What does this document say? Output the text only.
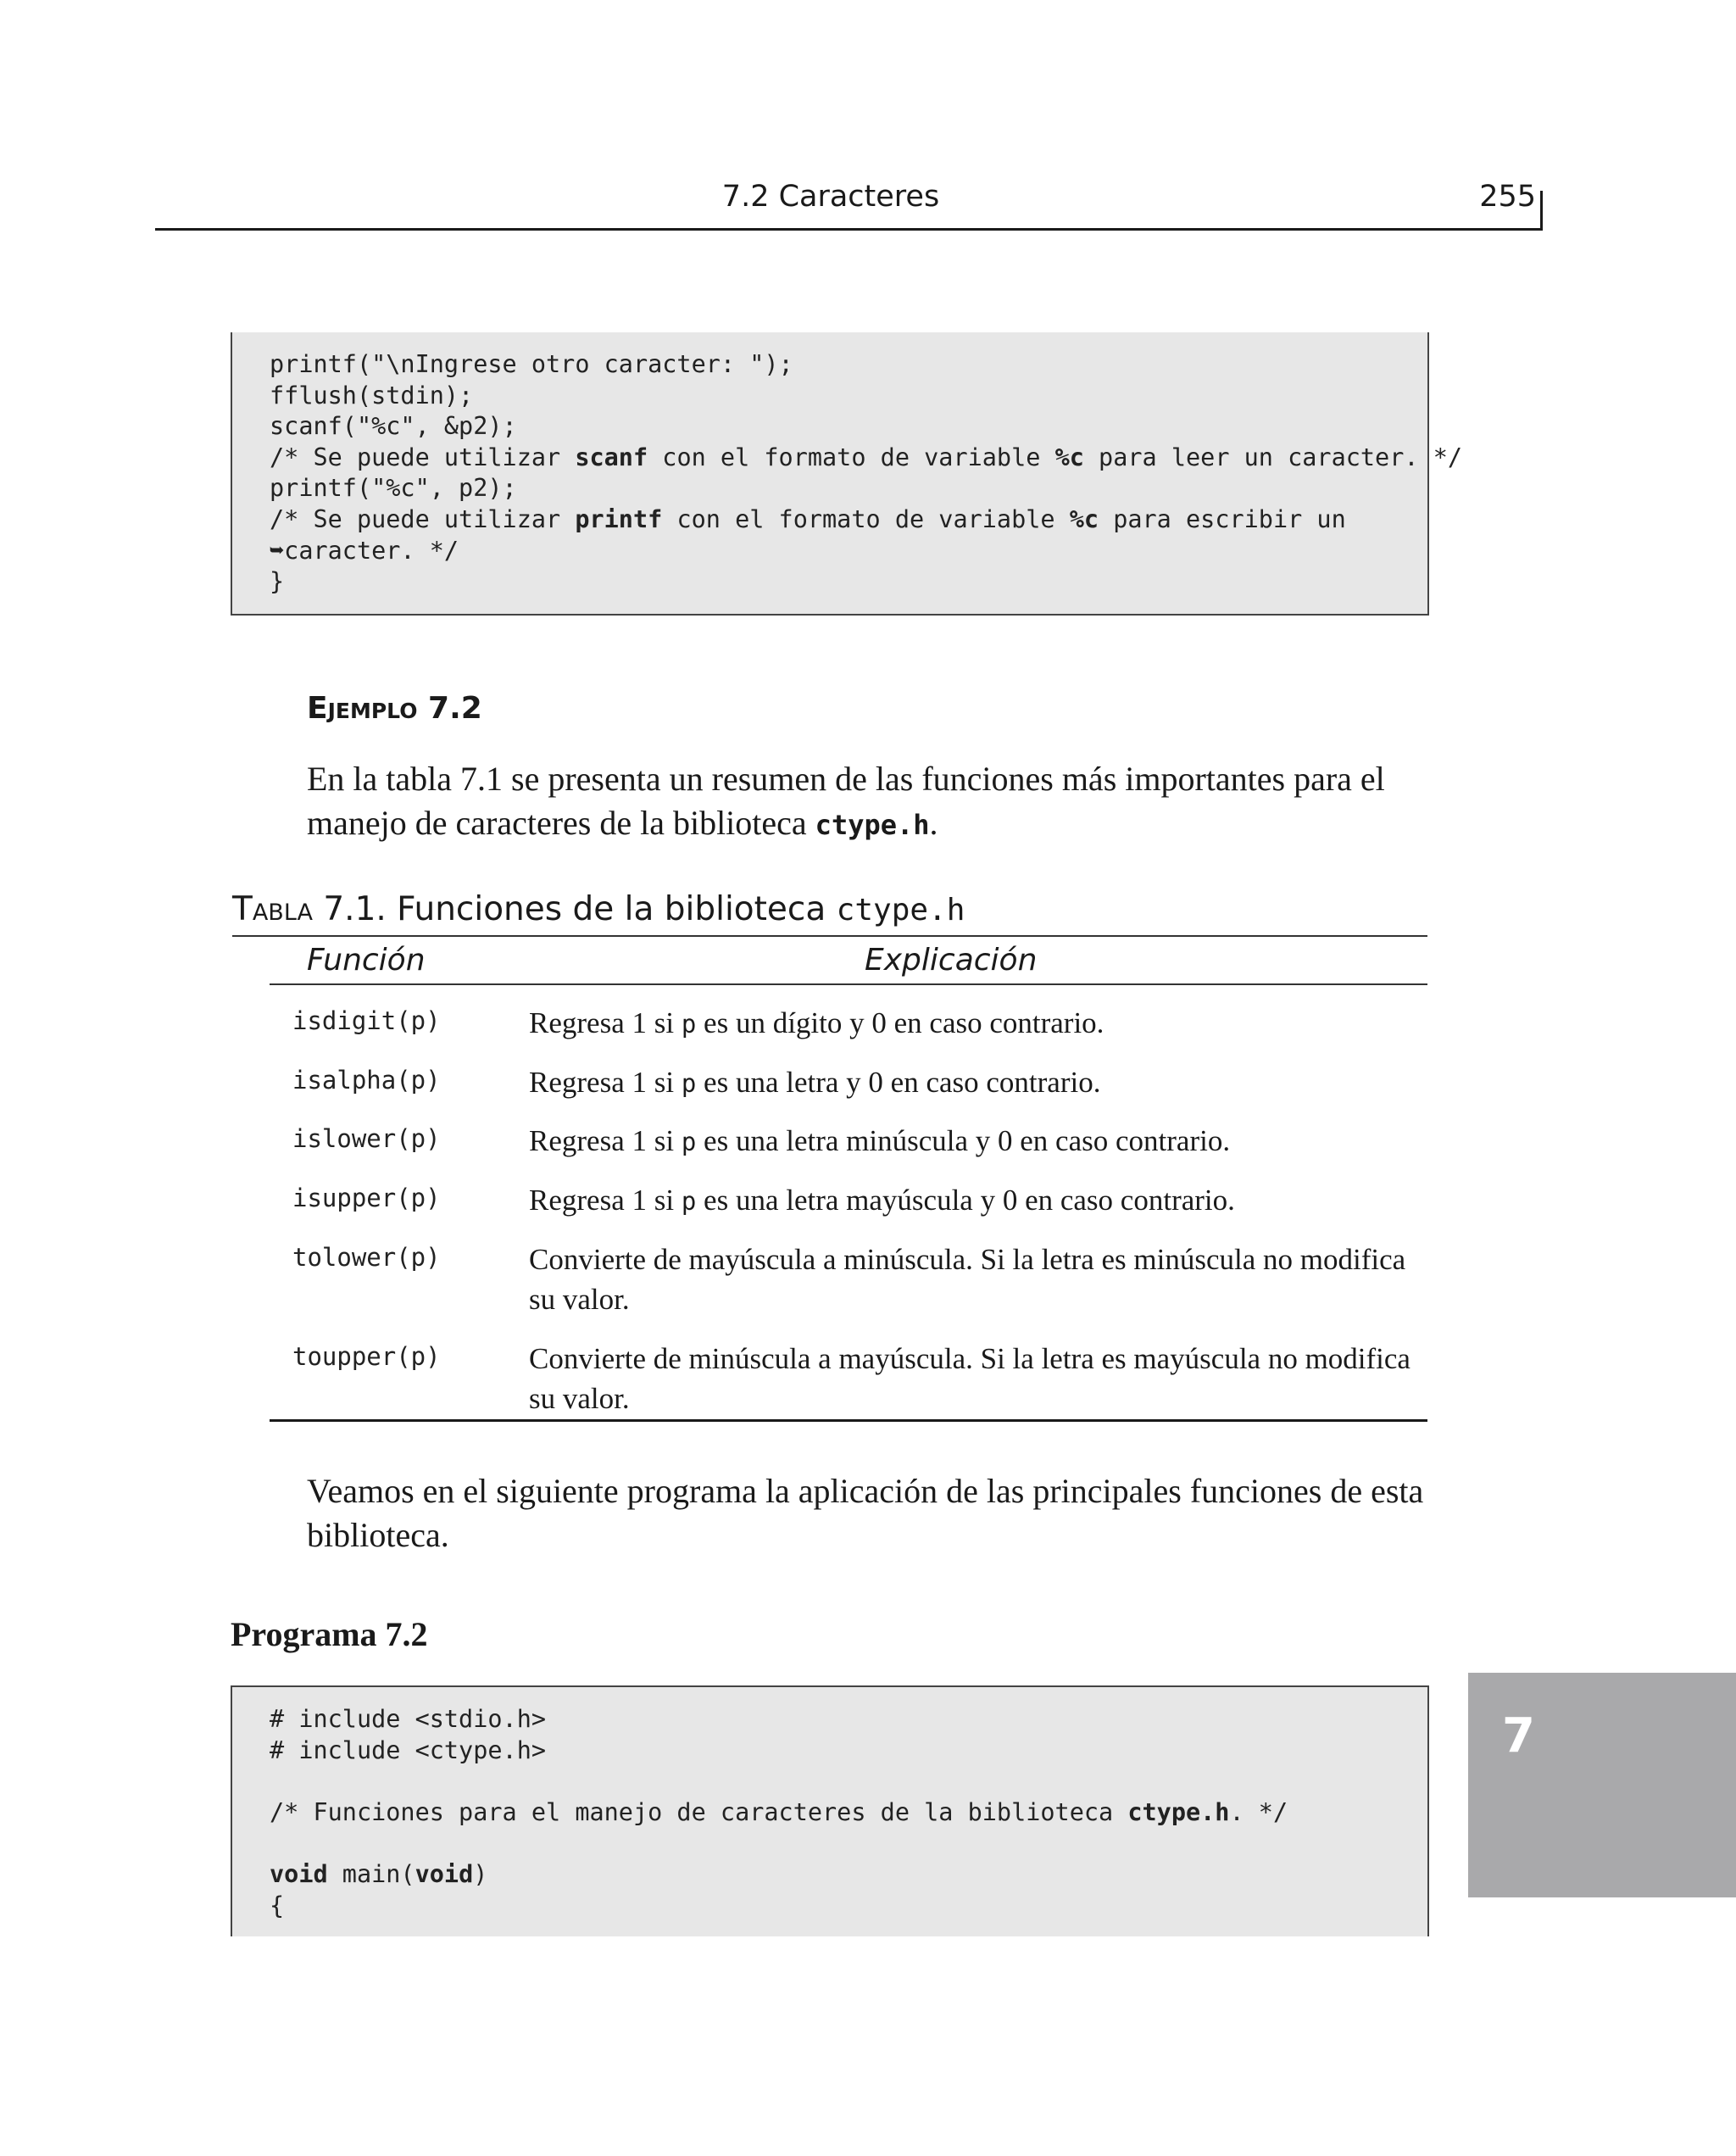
7.2 Caracteres	255
printf("\nIngrese otro caracter: ");
fflush(stdin);
scanf("%c", &p2);
/* Se puede utilizar scanf con el formato de variable %c para leer un caracter. */
printf("%c", p2);
/* Se puede utilizar printf con el formato de variable %c para escribir un
➥caracter. */
}
Ejemplo 7.2
En la tabla 7.1 se presenta un resumen de las funciones más importantes para el manejo de caracteres de la biblioteca ctype.h.
Tabla 7.1. Funciones de la biblioteca ctype.h
Función	Explicación
isdigit(p)	Regresa 1 si p es un dígito y 0 en caso contrario.
isalpha(p)	Regresa 1 si p es una letra y 0 en caso contrario.
islower(p)	Regresa 1 si p es una letra minúscula y 0 en caso contrario.
isupper(p)	Regresa 1 si p es una letra mayúscula y 0 en caso contrario.
tolower(p)	Convierte de mayúscula a minúscula. Si la letra es minúscula no modifica su valor.
toupper(p)	Convierte de minúscula a mayúscula. Si la letra es mayúscula no modifica su valor.
Veamos en el siguiente programa la aplicación de las principales funciones de esta biblioteca.
Programa 7.2
# include <stdio.h>
# include <ctype.h>
/* Funciones para el manejo de caracteres de la biblioteca ctype.h. */
void main(void)
{
7
